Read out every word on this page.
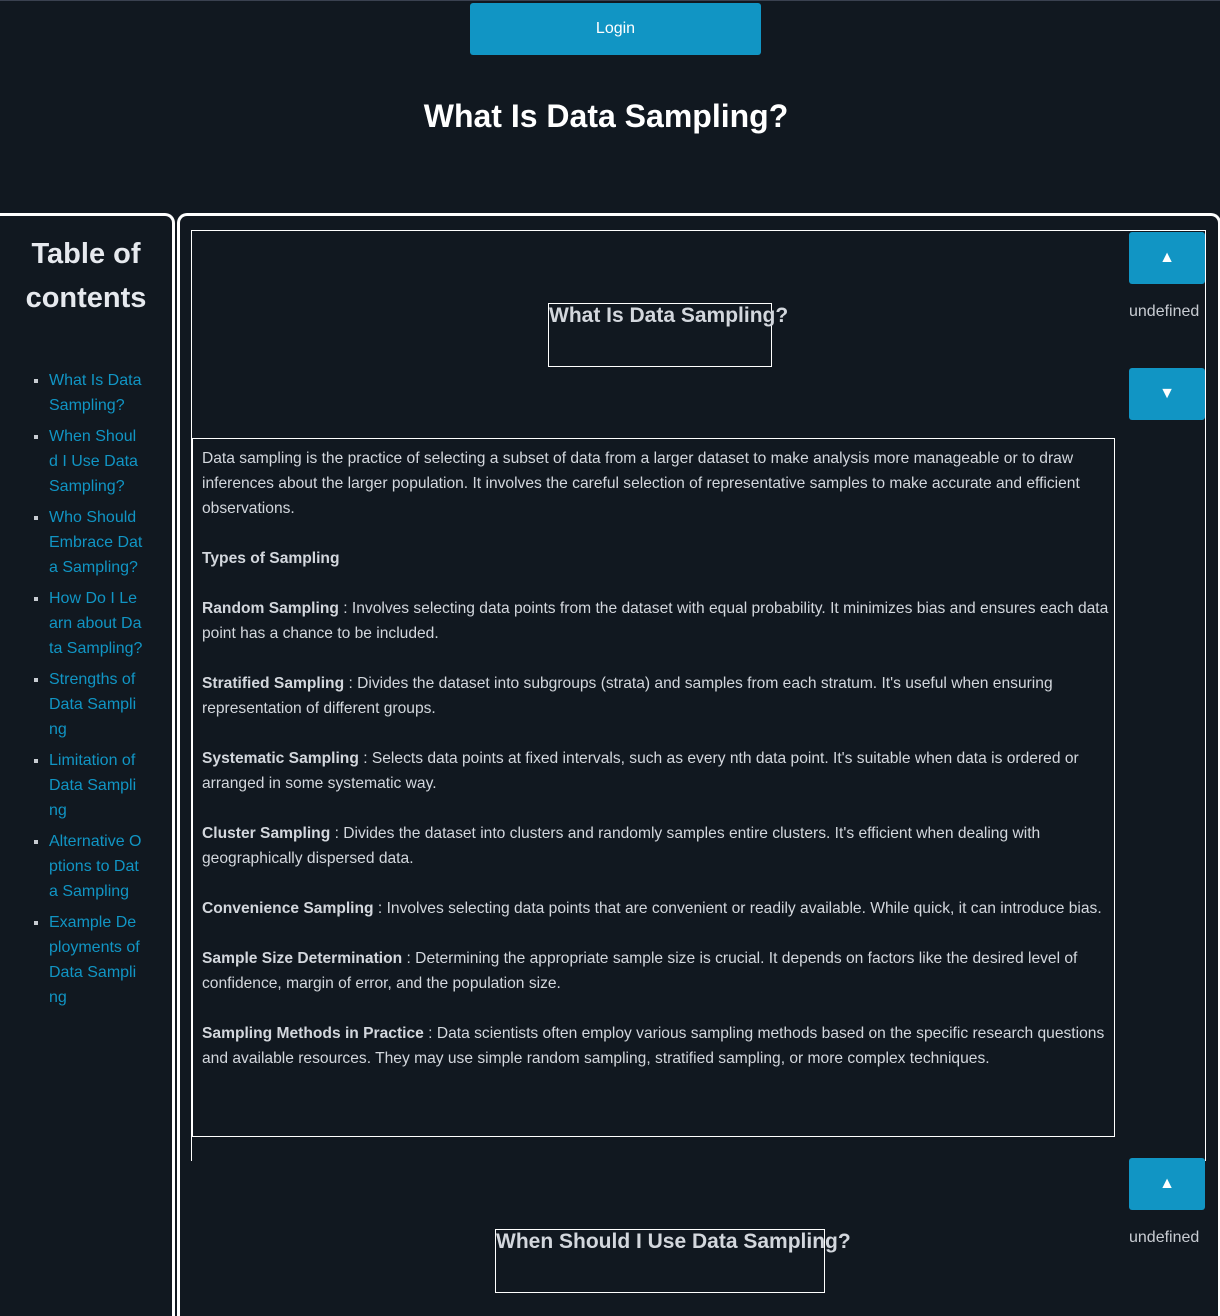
Login
What Is Data Sampling?
Table of contents
▪ What Is Data Sampling?
▪ When Should I Use Data Sampling?
▪ Who Should Embrace Data Sampling?
▪ How Do I Learn about Data Sampling?
▪ Strengths of Data Sampling
▪ Limitation of Data Sampling
▪ Alternative Options to Data Sampling
▪ Example Deployments of Data Sampling
What Is Data Sampling?
▲
undefined
▼

Data sampling is the practice of selecting a subset of data from a larger dataset to make analysis more manageable or to draw inferences about the larger population. It involves the careful selection of representative samples to make accurate and efficient observations.

Types of Sampling

Random Sampling : Involves selecting data points from the dataset with equal probability. It minimizes bias and ensures each data point has a chance to be included.

Stratified Sampling : Divides the dataset into subgroups (strata) and samples from each stratum. It's useful when ensuring representation of different groups.

Systematic Sampling : Selects data points at fixed intervals, such as every nth data point. It's suitable when data is ordered or arranged in some systematic way.

Cluster Sampling : Divides the dataset into clusters and randomly samples entire clusters. It's efficient when dealing with geographically dispersed data.

Convenience Sampling : Involves selecting data points that are convenient or readily available. While quick, it can introduce bias.

Sample Size Determination : Determining the appropriate sample size is crucial. It depends on factors like the desired level of confidence, margin of error, and the population size.

Sampling Methods in Practice : Data scientists often employ various sampling methods based on the specific research questions and available resources. They may use simple random sampling, stratified sampling, or more complex techniques.

▲
undefined
When Should I Use Data Sampling?
